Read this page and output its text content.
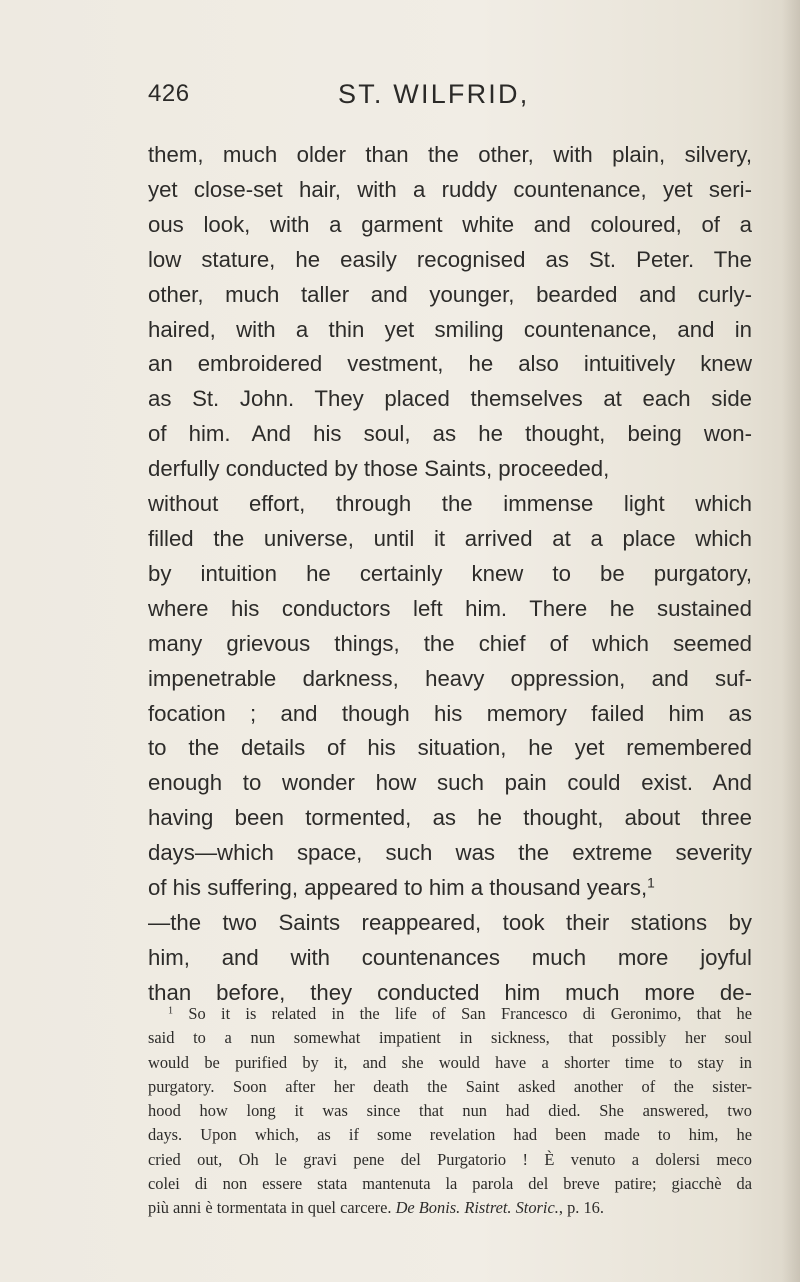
426	ST. WILFRID,
them, much older than the other, with plain, silvery,
yet close-set hair, with a ruddy countenance, yet seri-
ous look, with a garment white and coloured, of a
low stature, he easily recognised as St. Peter. The
other, much taller and younger, bearded and curly-
haired, with a thin yet smiling countenance, and in
an embroidered vestment, he also intuitively knew
as St. John. They placed themselves at each side
of him. And his soul, as he thought, being won-
derfully conducted by those Saints, proceeded,
without effort, through the immense light which
filled the universe, until it arrived at a place which
by intuition he certainly knew to be purgatory,
where his conductors left him. There he sustained
many grievous things, the chief of which seemed
impenetrable darkness, heavy oppression, and suf-
focation ; and though his memory failed him as
to the details of his situation, he yet remembered
enough to wonder how such pain could exist. And
having been tormented, as he thought, about three
days—which space, such was the extreme severity
of his suffering, appeared to him a thousand years,$^1$
—the two Saints reappeared, took their stations by
him, and with countenances much more joyful
than before, they conducted him much more de-
$^1$ So it is related in the life of San Francesco di Geronimo, that he
said to a nun somewhat impatient in sickness, that possibly her soul
would be purified by it, and she would have a shorter time to stay in
purgatory. Soon after her death the Saint asked another of the sister-
hood how long it was since that nun had died. She answered, two
days. Upon which, as if some revelation had been made to him, he
cried out, Oh le gravi pene del Purgatorio ! È venuto a dolersi meco
colei di non essere stata mantenuta la parola del breve patire; giacchè da
più anni è tormentata in quel carcere. De Bonis. Ristret. Storic., p. 16.
